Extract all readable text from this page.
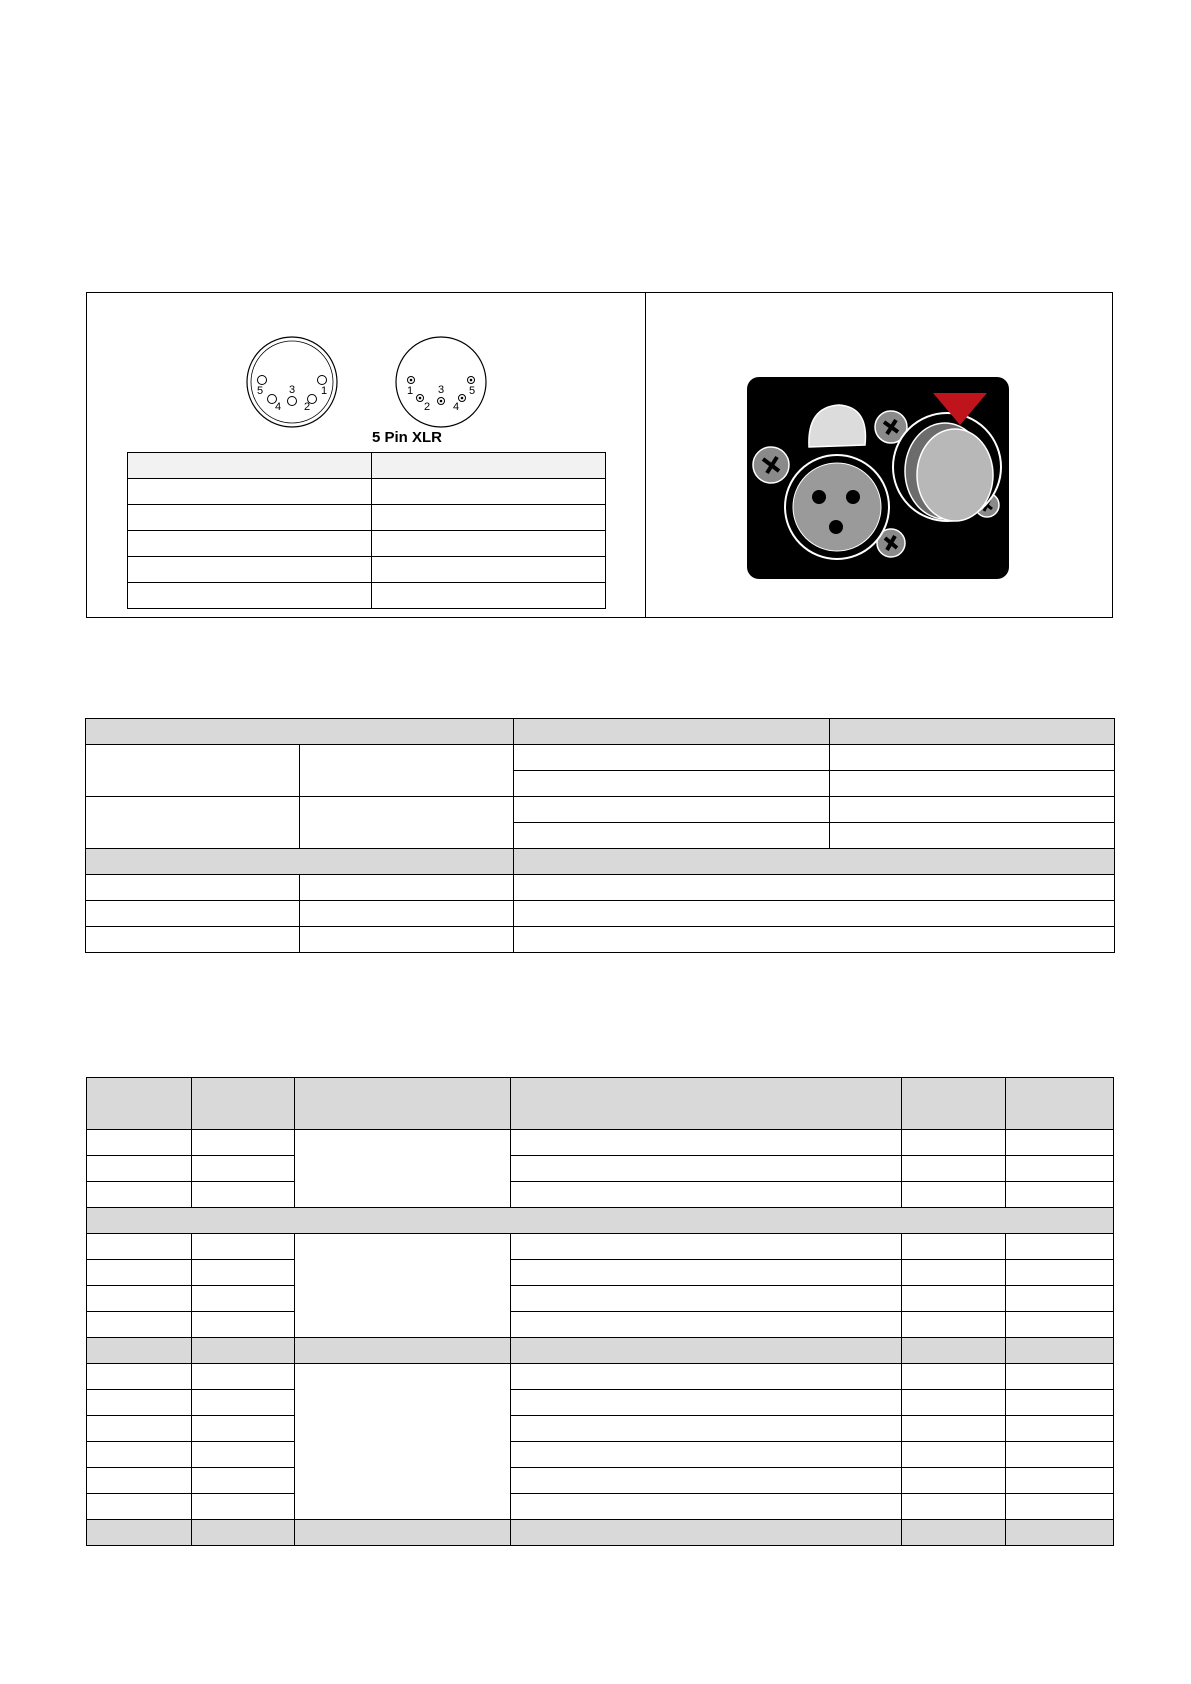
5
4
3
2
1	1
2
3
4
5
5 Pin XLR
